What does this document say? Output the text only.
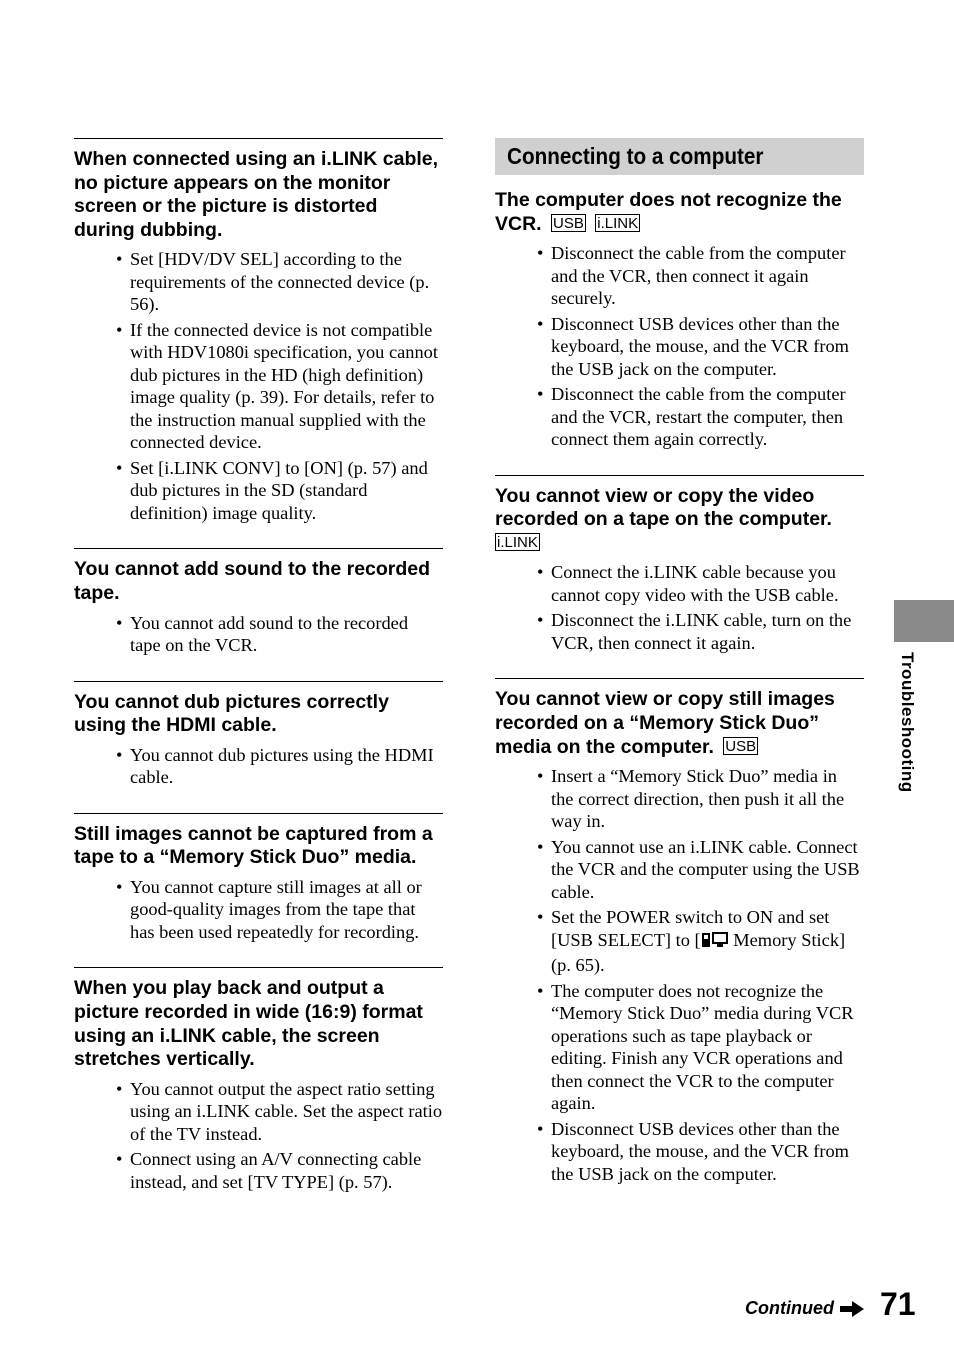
When connected using an i.LINK cable, no picture appears on the monitor screen or the picture is distorted during dubbing.
• Set [HDV/DV SEL] according to the requirements of the connected device (p. 56).
• If the connected device is not compatible with HDV1080i specification, you cannot dub pictures in the HD (high definition) image quality (p. 39). For details, refer to the instruction manual supplied with the connected device.
• Set [i.LINK CONV] to [ON] (p. 57) and dub pictures in the SD (standard definition) image quality.
You cannot add sound to the recorded tape.
• You cannot add sound to the recorded tape on the VCR.
You cannot dub pictures correctly using the HDMI cable.
• You cannot dub pictures using the HDMI cable.
Still images cannot be captured from a tape to a “Memory Stick Duo” media.
• You cannot capture still images at all or good-quality images from the tape that has been used repeatedly for recording.
When you play back and output a picture recorded in wide (16:9) format using an i.LINK cable, the screen stretches vertically.
• You cannot output the aspect ratio setting using an i.LINK cable. Set the aspect ratio of the TV instead.
• Connect using an A/V connecting cable instead, and set [TV TYPE] (p. 57).
Connecting to a computer
The computer does not recognize the VCR. USB i.LINK
• Disconnect the cable from the computer and the VCR, then connect it again securely.
• Disconnect USB devices other than the keyboard, the mouse, and the VCR from the USB jack on the computer.
• Disconnect the cable from the computer and the VCR, restart the computer, then connect them again correctly.
You cannot view or copy the video recorded on a tape on the computer.
i.LINK
• Connect the i.LINK cable because you cannot copy video with the USB cable.
• Disconnect the i.LINK cable, turn on the VCR, then connect it again.
You cannot view or copy still images recorded on a “Memory Stick Duo” media on the computer. USB
• Insert a “Memory Stick Duo” media in the correct direction, then push it all the way in.
• You cannot use an i.LINK cable. Connect the VCR and the computer using the USB cable.
• Set the POWER switch to ON and set [USB SELECT] to [ Memory Stick] (p. 65).
• The computer does not recognize the “Memory Stick Duo” media during VCR operations such as tape playback or editing. Finish any VCR operations and then connect the VCR to the computer again.
• Disconnect USB devices other than the keyboard, the mouse, and the VCR from the USB jack on the computer.
Troubleshooting
Continued 71
